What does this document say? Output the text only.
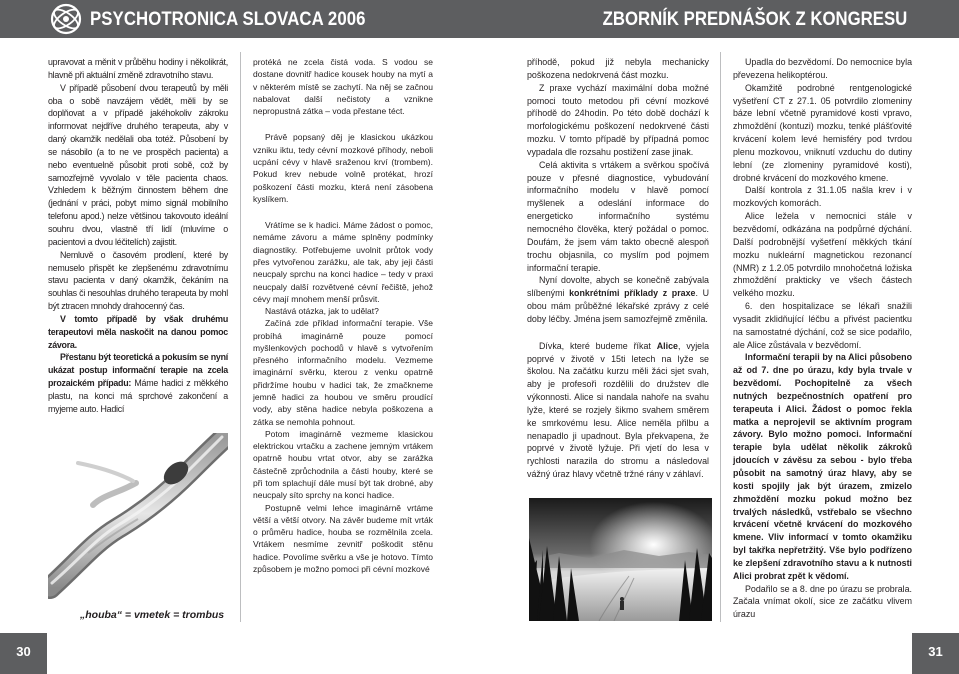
PSYCHOTRONICA SLOVACA 2006	ZBORNÍK PREDNÁŠOK Z KONGRESU

upravovat a měnit v průběhu hodiny i několikrát, hlavně při aktuální změně zdravotního stavu.

V případě působení dvou terapeutů by měli oba o sobě navzájem vědět, měli by se doplňovat a v případě jakéhokoliv zákroku informovat nejdříve druhého terapeuta, aby v daný okamžik nedělali oba totéž. Působení by se násobilo (a to ne ve prospěch pacienta) a nebo eventuelně působit proti sobě, což by samozřejmě vyvolalo v těle pacienta chaos. Vzhledem k běžným činnostem během dne (jednání v práci, pobyt mimo signál mobilního telefonu apod.) nelze většinou takovouto ideální souhru dvou, vlastně tří lidí (mluvíme o pacientovi a dvou léčitelích) zajistit.

Nemluvě o časovém prodlení, které by nemuselo přispět ke zlepšenému zdravotnímu stavu pacienta v daný okamžik, čekáním na souhlas či nesouhlas druhého terapeuta by mohl být ztracen mnohdy drahocenný čas.

V tomto případě by však druhému terapeutovi měla naskočit na danou pomoc závora.

Přestanu být teoretická a pokusím se nyní ukázat postup informační terapie na zcela prozaickém případu: Máme hadici z měkkého plastu, na konci má sprchové zakončení a myjeme auto. Hadicí

„houba“ = vmetek = trombus

protéká ne zcela čistá voda. S vodou se dostane dovnitř hadice kousek houby na mytí a v některém místě se zachytí. Na něj se začnou nabalovat další nečistoty a vznikne nepropustná zátka – voda přestane téct.

Právě popsaný děj je klasickou ukázkou vzniku iktu, tedy cévní mozkové příhody, neboli ucpání cévy v hlavě sraženou krví (trombem). Pokud krev nebude volně protékat, hrozí poškození části mozku, která není zásobena kyslíkem.

Vrátíme se k hadici. Máme žádost o pomoc, nemáme závoru a máme splněny podmínky diagnostiky. Potřebujeme uvolnit průtok vody přes vytvořenou zarážku, ale tak, aby jeji části neucpaly sprchu na konci hadice – tedy v praxi neucpaly další rozvětvené cévní řečiště, jehož cévy mají mnohem menší průsvit.

Nastává otázka, jak to udělat?

Začíná zde příklad informační terapie. Vše probíhá imaginárně pouze pomocí myšlenkových pochodů v hlavě s vytvořením přesného informačního modelu. Vezmeme imaginární svěrku, kterou z venku opatrně přidržíme houbu v hadici tak, že zmačkneme jemně hadici za houbou ve směru proudící vody, aby stěna hadice nebyla poškozena a zátka se nemohla pohnout.

Potom imaginárně vezmeme klasickou elektrickou vrtačku a zachene jemným vrtákem opatrně houbu vrtat otvor, aby se zarážka částečně zprůchodnila a části houby, které se při tom splachují dále musí být tak drobné, aby neucpaly síto sprchy na konci hadice.

Postupně velmi lehce imaginárně vrtáme větší a větší otvory. Na závěr budeme mít vrták o průměru hadice, houba se rozmělnila zcela. Vrtákem nesmíme zevnitř poškodit stěnu hadice. Povolíme svěrku a vše je hotovo. Tímto způsobem je možno pomoci při cévní mozkové

příhodě, pokud již nebyla mechanicky poškozena nedokrvená část mozku.

Z praxe vychází maximální doba možné pomoci touto metodou při cévní mozkové příhodě do 24hodin. Po této době dochází k morfologickému poškození nedokrvené části mozku. V tomto případě by případná pomoc vypadala dle rozsahu postižení zase jinak.

Celá aktivita s vrtákem a svěrkou spočívá pouze v přesné diagnostice, vybudování informačního modelu v hlavě pomocí myšlenek a odeslání informace do energeticko informačního systému nemocného člověka, který požádal o pomoc. Doufám, že jsem vám takto obecně alespoň trochu objasnila, co myslím pod pojmem informační terapie.

Nyní dovolte, abych se konečně zabývala slíbenými konkrétními příklady z praxe. U obou mám průběžné lékařské zprávy z celé doby léčby. Jména jsem samozřejmě změnila.

Dívka, které budeme říkat Alice, vyjela poprvé v životě v 15ti letech na lyže se školou. Na začátku kurzu měli žáci sjet svah, aby je profesoři rozdělili do družstev dle výkonnosti. Alice si nandala nahoře na svahu lyže, které se rozjely šikmo svahem směrem ke smrkovému lesu. Alice neměla přilbu a nenapadlo ji upadnout. Byla překvapena, že poprvé v životě lyžuje. Při vjetí do lesa v rychlosti narazila do stromu a následoval vážný úraz hlavy včetně tržné rány v záhlaví.

Upadla do bezvědomí. Do nemocnice byla převezena helikoptérou.

Okamžitě podrobné rentgenologické vyšetření CT z 27.1. 05 potvrdilo zlomeniny báze lební včetně pyramidové kosti vpravo, zhmoždění (kontuzi) mozku, tenké plášťovité krvácení kolem levé hemisféry pod tvrdou plenu mozkovou, vniknutí vzduchu do dutiny lební (ze zlomeniny pyramidové kosti), drobné krvácení do mozkového kmene.

Další kontrola z 31.1.05 našla krev i v mozkových komorách.

Alice ležela v nemocnici stále v bezvědomí, odkázána na podpůrné dýchání. Další podrobnější vyšetření měkkých tkání mozku nukleární magnetickou rezonancí (NMR) z 1.2.05 potvrdilo mnohočetná ložiska zhmoždění prakticky ve všech částech velkého mozku.

6. den hospitalizace se lékaři snažili vysadit zklidňující léčbu a přivést pacientku na samostatné dýchání, což se sice podařilo, ale Alice zůstávala v bezvědomí.

Informační terapii by na Alici působeno až od 7. dne po úrazu, kdy byla trvale v bezvědomí. Pochopitelně za všech nutných bezpečnostních opatření pro terapeuta i Alici. Žádost o pomoc řekla matka a neprojevil se aktivním program závory. Bylo možno pomoci. Informační terapie byla udělat několik zákroků jdoucích v závěsu za sebou - bylo třeba působit na samotný úraz hlavy, aby se kosti spojily jak být úrazem, zmizelo zhmoždění mozku pokud možno bez trvalých následků, vstřebalo se všechno krvácení včetně krvácení do mozkového kmene. Vliv informací v tomto okamžiku byl takřka nepřetržitý. Vše bylo podřízeno ke zlepšení zdravotního stavu a k nutnosti Alici probrat zpět k vědomí.

Podařilo se a 8. dne po úrazu se probrala. Začala vnímat okolí, sice ze začátku vlivem úrazu

30	31
